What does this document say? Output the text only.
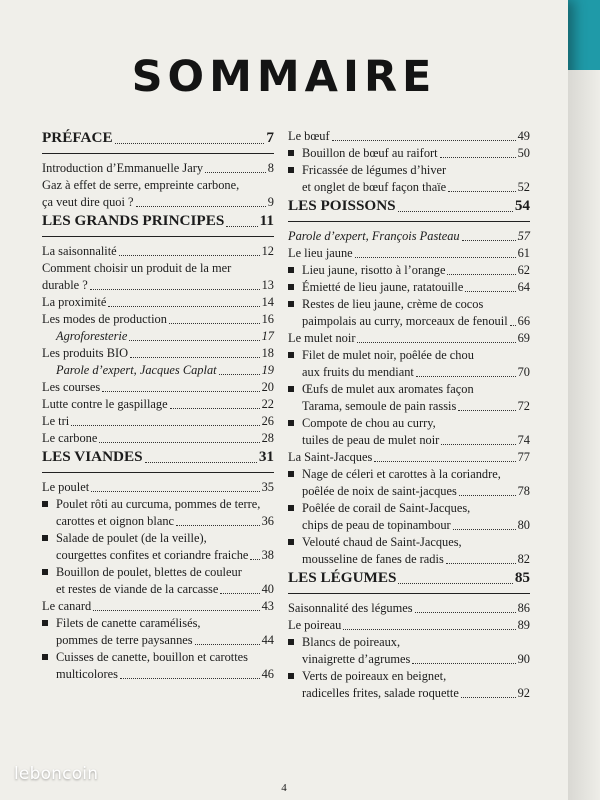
SOMMAIRE
PRÉFACE	7
Introduction d’Emmanuelle Jary	8
Gaz à effet de serre, empreinte carbone,
ça veut dire quoi ?	9
LES GRANDS PRINCIPES 11
La saisonnalité	12
Comment choisir un produit de la mer
durable ?	13
La proximité	14
Les modes de production	16
Agroforesterie	17
Les produits BIO	18
Parole d’expert, Jacques Caplat	19
Les courses	20
Lutte contre le gaspillage	22
Le tri	26
Le carbone	28
LES VIANDES	31
Le poulet	35
Poulet rôti au curcuma, pommes de terre,
carottes et oignon blanc	36
Salade de poulet (de la veille),
courgettes confites et coriandre fraiche 38
Bouillon de poulet, blettes de couleur
et restes de viande de la carcasse	40
Le canard	43
Filets de canette caramélisés,
pommes de terre paysannes	44
Cuisses de canette, bouillon et carottes
multicolores	46
Le bœuf	49
Bouillon de bœuf au raifort	50
Fricassée de légumes d’hiver
et onglet de bœuf façon thaïe	52
LES POISSONS	54
Parole d’expert, François Pasteau	57
Le lieu jaune	61
Lieu jaune, risotto à l’orange	62
Émietté de lieu jaune, ratatouille	64
Restes de lieu jaune, crème de cocos
paimpolais au curry, morceaux de fenouil 66
Le mulet noir	69
Filet de mulet noir, poêlée de chou
aux fruits du mendiant	70
Œufs de mulet aux aromates façon
Tarama, semoule de pain rassis	72
Compote de chou au curry,
tuiles de peau de mulet noir	74
La Saint-Jacques	77
Nage de céleri et carottes à la coriandre,
poêlée de noix de saint-jacques	78
Poêlée de corail de Saint-Jacques,
chips de peau de topinambour	80
Velouté chaud de Saint-Jacques,
mousseline de fanes de radis	82
LES LÉGUMES	85
Saisonnalité des légumes	86
Le poireau	89
Blancs de poireaux,
vinaigrette d’agrumes	90
Verts de poireaux en beignet,
radicelles frites, salade roquette	92
4
leboncoin
